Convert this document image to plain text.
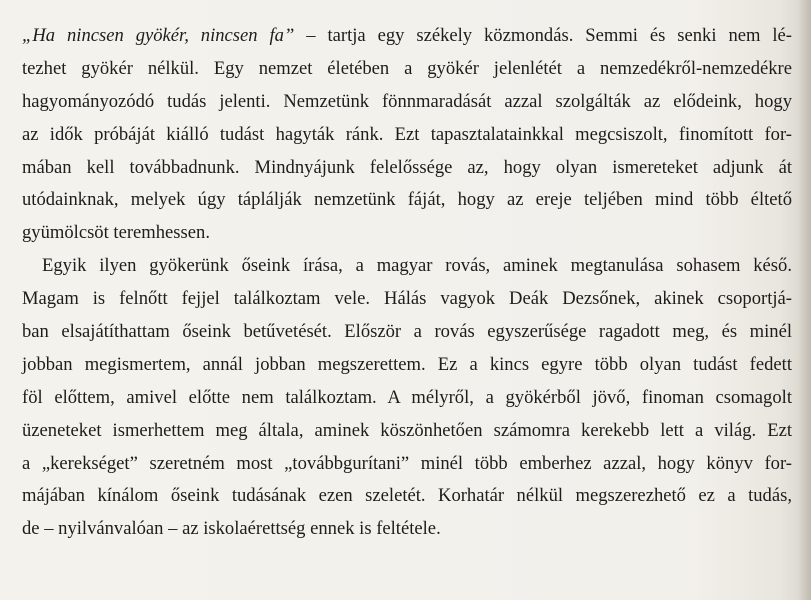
„Ha nincsen gyökér, nincsen fa” – tartja egy székely közmondás. Semmi és senki nem lé-
tezhet gyökér nélkül. Egy nemzet életében a gyökér jelenlétét a nemzedékről-nemzedékre
hagyományozódó tudás jelenti. Nemzetünk fönnmaradását azzal szolgálták az elődeink, hogy
az idők próbáját kiálló tudást hagyták ránk. Ezt tapasztalatainkkal megcsiszolt, finomított for-
mában kell továbbadnunk. Mindnyájunk felelőssége az, hogy olyan ismereteket adjunk át
utódainknak, melyek úgy táplálják nemzetünk fáját, hogy az ereje teljében mind több éltető
gyümölcsöt teremhessen.
Egyik ilyen gyökerünk őseink írása, a magyar rovás, aminek megtanulása sohasem késő.
Magam is felnőtt fejjel találkoztam vele. Hálás vagyok Deák Dezsőnek, akinek csoportjá-
ban elsajátíthattam őseink betűvetését. Először a rovás egyszerűsége ragadott meg, és minél
jobban megismertem, annál jobban megszerettem. Ez a kincs egyre több olyan tudást fedett
föl előttem, amivel előtte nem találkoztam. A mélyről, a gyökérből jövő, finoman csomagolt
üzeneteket ismerhettem meg általa, aminek köszönhetően számomra kerekebb lett a világ. Ezt
a „kerekséget” szeretném most „továbbgurítani” minél több emberhez azzal, hogy könyv for-
májában kínálom őseink tudásának ezen szeletét. Korhatár nélkül megszerezhető ez a tudás,
de – nyilvánvalóan – az iskolaérettség ennek is feltétele.
